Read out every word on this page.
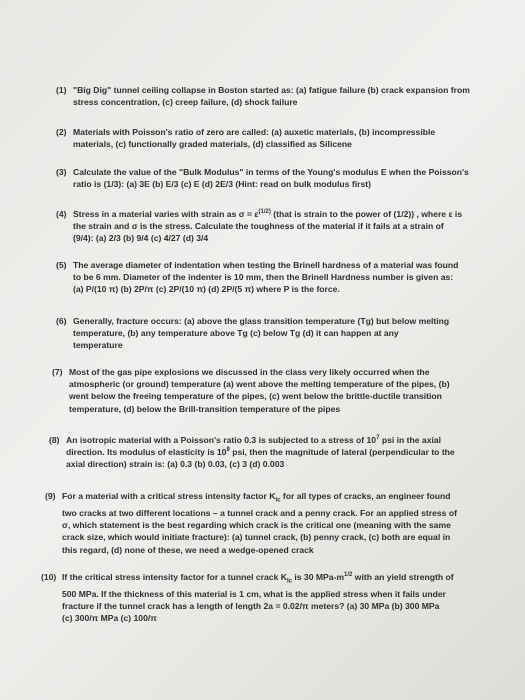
(1) "Big Dig" tunnel ceiling collapse in Boston started as: (a) fatigue failure (b) crack expansion from
stress concentration, (c) creep failure, (d) shock failure
(2) Materials with Poisson's ratio of zero are called: (a) auxetic materials, (b) incompressible
materials, (c) functionally graded materials, (d) classified as Silicene
(3) Calculate the value of the "Bulk Modulus" in terms of the Young's modulus E when the Poisson's
ratio is (1/3): (a) 3E (b) E/3 (c) E (d) 2E/3 (Hint: read on bulk modulus first)
(4) Stress in a material varies with strain as $\sigma = \varepsilon^{(1/2)}$ (that is strain to the power of (1/2)) , where ε is
the strain and σ is the stress. Calculate the toughness of the material if it fails at a strain of
(9/4): (a) 2/3 (b) 9/4 (c) 4/27 (d) 3/4
(5) The average diameter of indentation when testing the Brinell hardness of a material was found
to be 6 mm. Diameter of the indenter is 10 mm, then the Brinell Hardness number is given as:
(a) P/(10 π) (b) 2P/π (c) 2P/(10 π) (d) 2P/(5 π) where P is the force.
(6) Generally, fracture occurs: (a) above the glass transition temperature (Tg) but below melting
temperature, (b) any temperature above Tg (c) below Tg (d) it can happen at any
temperature
(7) Most of the gas pipe explosions we discussed in the class very likely occurred when the
atmospheric (or ground) temperature (a) went above the melting temperature of the pipes, (b)
went below the freeing temperature of the pipes, (c) went below the brittle-ductile transition
temperature, (d) below the Brill-transition temperature of the pipes
(8) An isotropic material with a Poisson's ratio 0.3 is subjected to a stress of $10^7$ psi in the axial
direction. Its modulus of elasticity is $10^9$ psi, then the magnitude of lateral (perpendicular to the
axial direction) strain is: (a) 0.3 (b) 0.03, (c) 3 (d) 0.003
(9) For a material with a critical stress intensity factor $K_{Ic}$ for all types of cracks, an engineer found
two cracks at two different locations – a tunnel crack and a penny crack. For an applied stress of
σ, which statement is the best regarding which crack is the critical one (meaning with the same
crack size, which would initiate fracture): (a) tunnel crack, (b) penny crack, (c) both are equal in
this regard, (d) none of these, we need a wedge-opened crack
(10) If the critical stress intensity factor for a tunnel crack $K_{Ic}$ is 30 MPa-$m^{1/2}$ with an yield strength of
500 MPa. If the thickness of this material is 1 cm, what is the applied stress when it fails under
fracture if the tunnel crack has a length of length 2a = 0.02/π meters? (a) 30 MPa (b) 300 MPa
(c) 300/π MPa (c) 100/π
